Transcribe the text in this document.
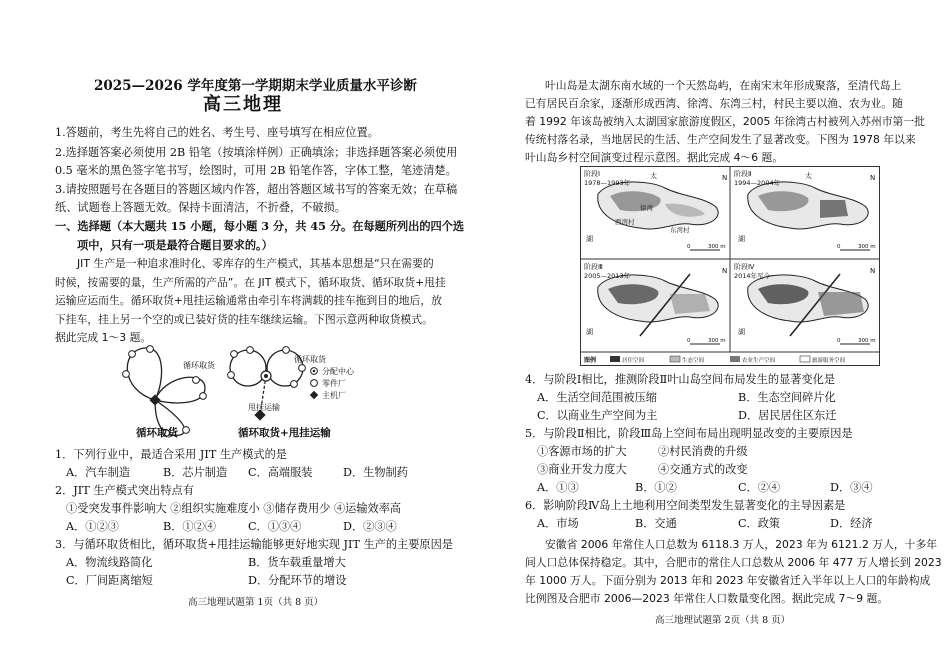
2025—2026 学年度第一学期期末学业质量水平诊断
高三地理
1.答题前，考生先将自己的姓名、考生号、座号填写在相应位置。
2.选择题答案必须使用 2B 铅笔（按填涂样例）正确填涂；非选择题答案必须使用
0.5 毫米的黑色签字笔书写，绘图时，可用 2B 铅笔作答，字体工整，笔迹清楚。
3.请按照题号在各题目的答题区域内作答，超出答题区域书写的答案无效；在草稿
纸、试题卷上答题无效。保持卡面清洁，不折叠，不破损。
一、选择题（本大题共 15 小题，每小题 3 分，共 45 分。在每题所列出的四个选
项中，只有一项是最符合题目要求的。）
JIT 生产是一种追求准时化、零库存的生产模式，其基本思想是“只在需要的
时候，按需要的量，生产所需的产品”。在 JIT 模式下，循环取货、循环取货+甩挂
运输应运而生。循环取货+甩挂运输通常由牵引车将满载的挂车拖到目的地后，放
下挂车，挂上另一个空的或已装好货的挂车继续运输。下图示意两种取货模式。
据此完成 1～3 题。
循环取货
循环取货
甩挂运输
分配中心
零件厂
主机厂
循环取货	循环取货+甩挂运输
1．下列行业中，最适合采用 JIT 生产模式的是
A．汽车制造	B．芯片制造 C．高端服装	D．生物制药
2．JIT 生产模式突出特点有
①受突发事件影响大 ②组织实施难度小 ③储存费用少 ④运输效率高
A．①②③	B．①②④	C．①③④	D．②③④
3．与循环取货相比，循环取货+甩挂运输能够更好地实现 JIT 生产的主要原因是
A．物流线路简化	B．货车载重量增大
C．厂间距离缩短	D．分配环节的增设
高三地理试题第 1页（共 8 页）
叶山岛是太湖东南水域的一个天然岛屿，在南宋末年形成聚落，至清代岛上
已有居民百余家，逐渐形成西湾、徐湾、东湾三村，村民主要以渔、农为业。随
着 1992 年该岛被纳入太湖国家旅游度假区，2005 年徐湾古村被列入苏州市第一批
传统村落名录，当地居民的生活、生产空间发生了显著改变。下图为 1978 年以来
叶山岛乡村空间演变过程示意图。据此完成 4～6 题。
阶段Ⅰ
1978—1993年
太
湖
徐湾
西湾村
东湾村
N
0	300 m
阶段Ⅱ
1994—2004年
太
湖
N
0	300 m
阶段Ⅲ
2005—2013年
湖
N
0	300 m
阶段Ⅳ
2014年至今
湖
N
0	300 m
图例	居住空间	生态空间	农业生产空间	旅游服务空间
4．与阶段Ⅰ相比，推测阶段Ⅱ叶山岛空间布局发生的显著变化是
A．生活空间范围被压缩	B．生态空间碎片化
C．以商业生产空间为主	D．居民居住区东迁
5．与阶段Ⅱ相比，阶段Ⅲ岛上空间布局出现明显改变的主要原因是
①客源市场的扩大	②村民消费的升级
③商业开发力度大	④交通方式的改变
A．①③	B．①②	C．②④	D．③④
6．影响阶段Ⅳ岛上土地利用空间类型发生显著变化的主导因素是
A．市场	B．交通	C．政策	D．经济
安徽省 2006 年常住人口总数为 6118.3 万人，2023 年为 6121.2 万人，十多年
间人口总体保持稳定。其中，合肥市的常住人口总数从 2006 年 477 万人增长到 2023
年 1000 万人。下面分别为 2013 年和 2023 年安徽省迁入半年以上人口的年龄构成
比例图及合肥市 2006—2023 年常住人口数量变化图。据此完成 7～9 题。
高三地理试题第 2页（共 8 页）
